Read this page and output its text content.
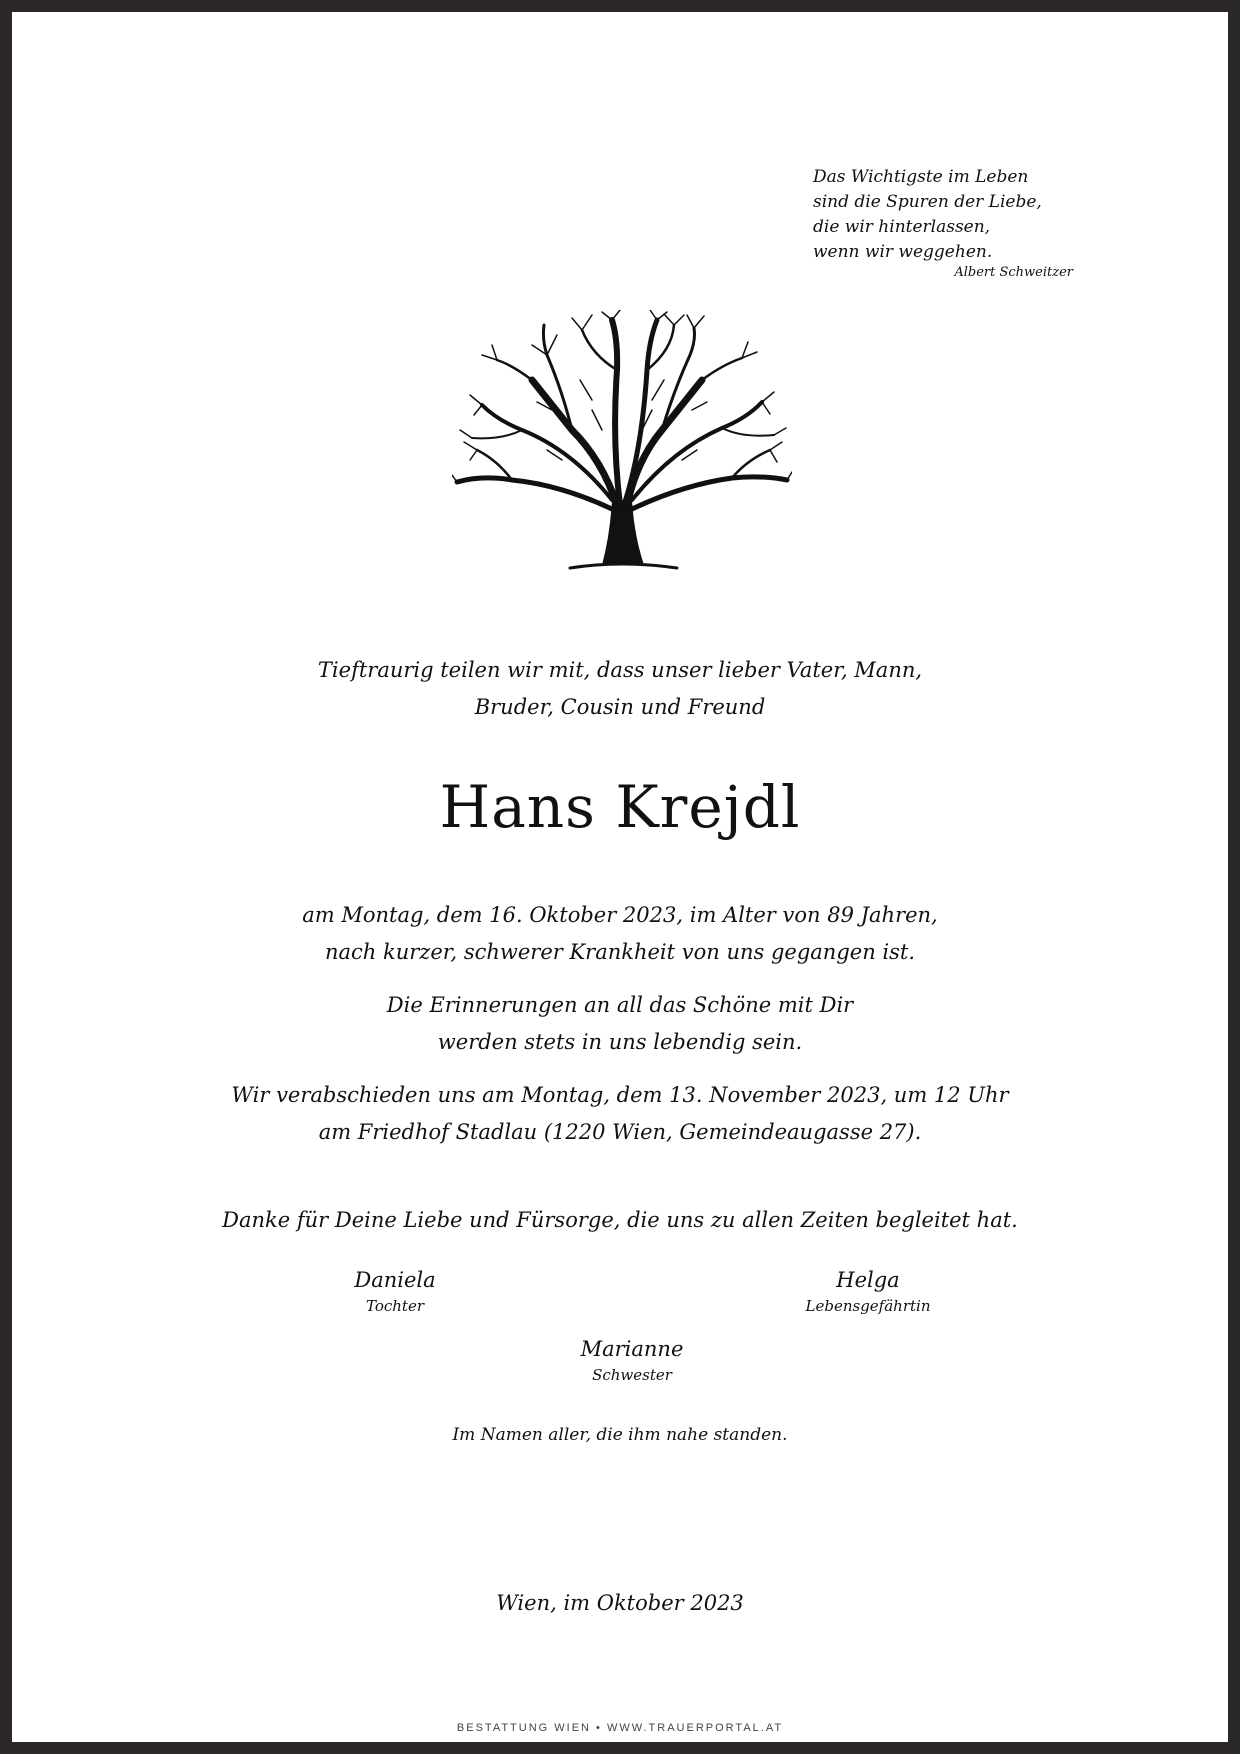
Das Wichtigste im Leben
sind die Spuren der Liebe,
die wir hinterlassen,
wenn wir weggehen.
Albert Schweitzer
Tieftraurig teilen wir mit, dass unser lieber Vater, Mann,
Bruder, Cousin und Freund
Hans Krejdl
am Montag, dem 16. Oktober 2023, im Alter von 89 Jahren,
nach kurzer, schwerer Krankheit von uns gegangen ist.
Die Erinnerungen an all das Schöne mit Dir
werden stets in uns lebendig sein.
Wir verabschieden uns am Montag, dem 13. November 2023, um 12 Uhr
am Friedhof Stadlau (1220 Wien, Gemeindeaugasse 27).
Danke für Deine Liebe und Fürsorge, die uns zu allen Zeiten begleitet hat.
Daniela
Tochter
Helga
Lebensgefährtin
Marianne
Schwester
Im Namen aller, die ihm nahe standen.
Wien, im Oktober 2023
BESTATTUNG WIEN • WWW.TRAUERPORTAL.AT
